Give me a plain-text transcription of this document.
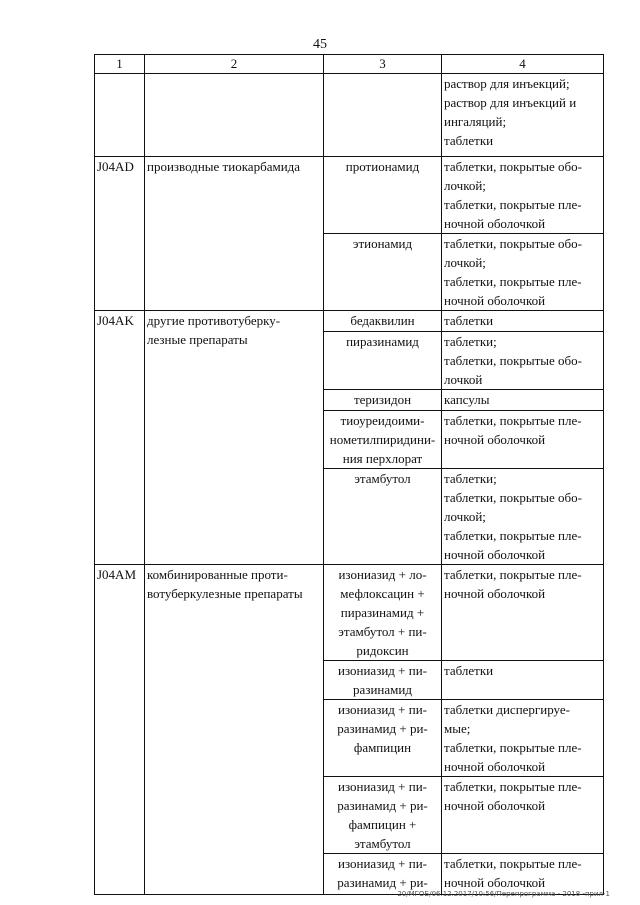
45
1	2	3	4

			раствор для инъекций;
раствор для инъекций и
ингаляций;
таблетки

J04AD	производные тиокарбамида	протионамид	таблетки, покрытые обо-
лочкой;
таблетки, покрытые пле-
ночной оболочкой

		этионамид	таблетки, покрытые обо-
лочкой;
таблетки, покрытые пле-
ночной оболочкой

J04AK	другие противотуберку-
лезные препараты	бедаквилин	таблетки

		пиразинамид	таблетки;
таблетки, покрытые обо-
лочкой

		теризидон	капсулы

		тиоуреидоими-
нометилпиридини-
ния перхлорат	таблетки, покрытые пле-
ночной оболочкой

		этамбутол	таблетки;
таблетки, покрытые обо-
лочкой;
таблетки, покрытые пле-
ночной оболочкой

J04AM	комбинированные проти-
вотуберкулезные препараты	изониазид + ло-
мефлоксацин +
пиразинамид +
этамбутол + пи-
ридоксин	таблетки, покрытые пле-
ночной оболочкой

		изониазид + пи-
разинамид	таблетки

		изониазид + пи-
разинамид + ри-
фампицин	таблетки диспергируе-
мые;
таблетки, покрытые пле-
ночной оболочкой

		изониазид + пи-
разинамид + ри-
фампицин +
этамбутол	таблетки, покрытые пле-
ночной оболочкой

		изониазид + пи-
разинамид + ри-	таблетки, покрытые пле-
ночной оболочкой
20/МГОБ/06.12.2017/10:56/Перепрограмма - 2018 -прил-1
